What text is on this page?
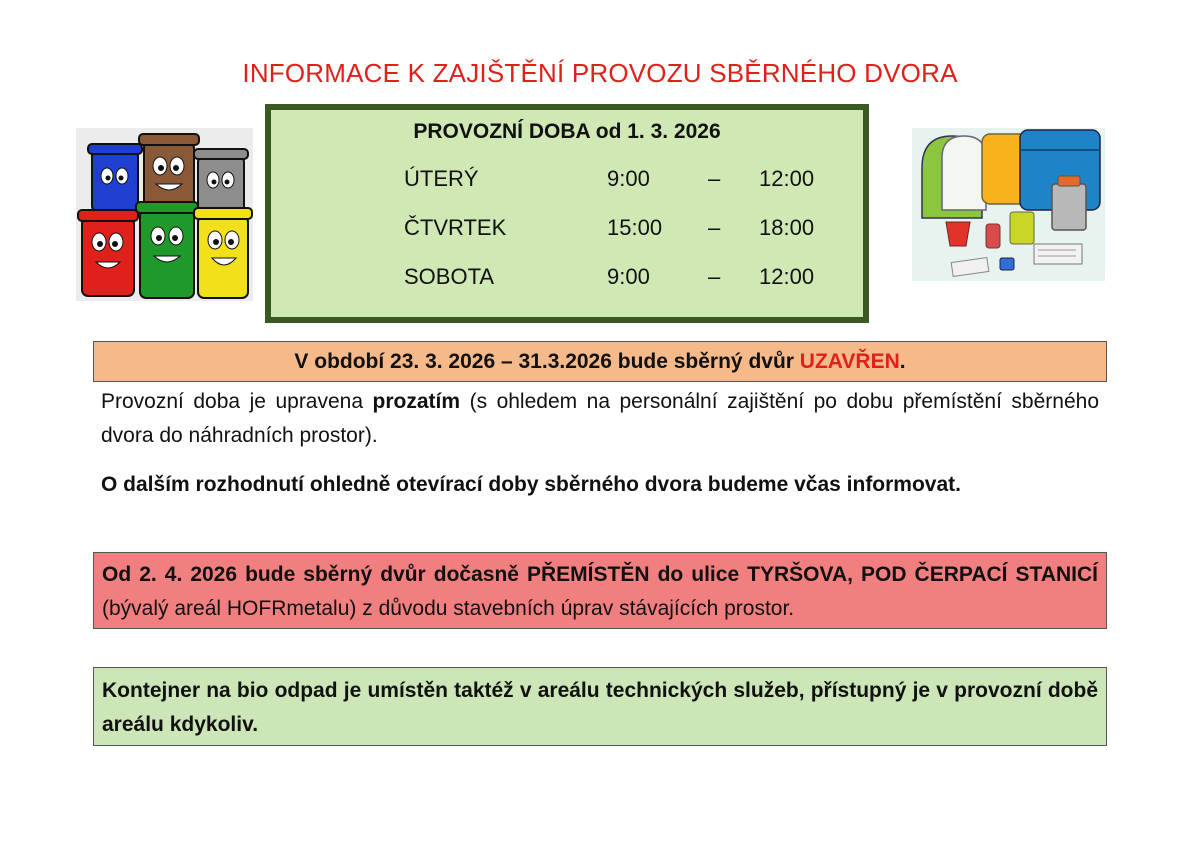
INFORMACE K ZAJIŠTĚNÍ PROVOZU SBĚRNÉHO DVORA
PROVOZNÍ DOBA od 1. 3. 2026
ÚTERÝ	9:00	– 12:00
ČTVRTEK	15:00 – 18:00
SOBOTA	9:00	– 12:00
V období 23. 3. 2026 – 31.3.2026 bude sběrný dvůr UZAVŘEN.
Provozní doba je upravena prozatím (s ohledem na personální zajištění po dobu přemístění sběrného dvora do náhradních prostor).
O dalším rozhodnutí ohledně otevírací doby sběrného dvora budeme včas informovat.
Od 2. 4. 2026 bude sběrný dvůr dočasně PŘEMÍSTĚN do ulice TYRŠOVA, POD ČERPACÍ STANICÍ (bývalý areál HOFRmetalu) z důvodu stavebních úprav stávajících prostor.
Kontejner na bio odpad je umístěn taktéž v areálu technických služeb, přístupný je v provozní době areálu kdykoliv.
